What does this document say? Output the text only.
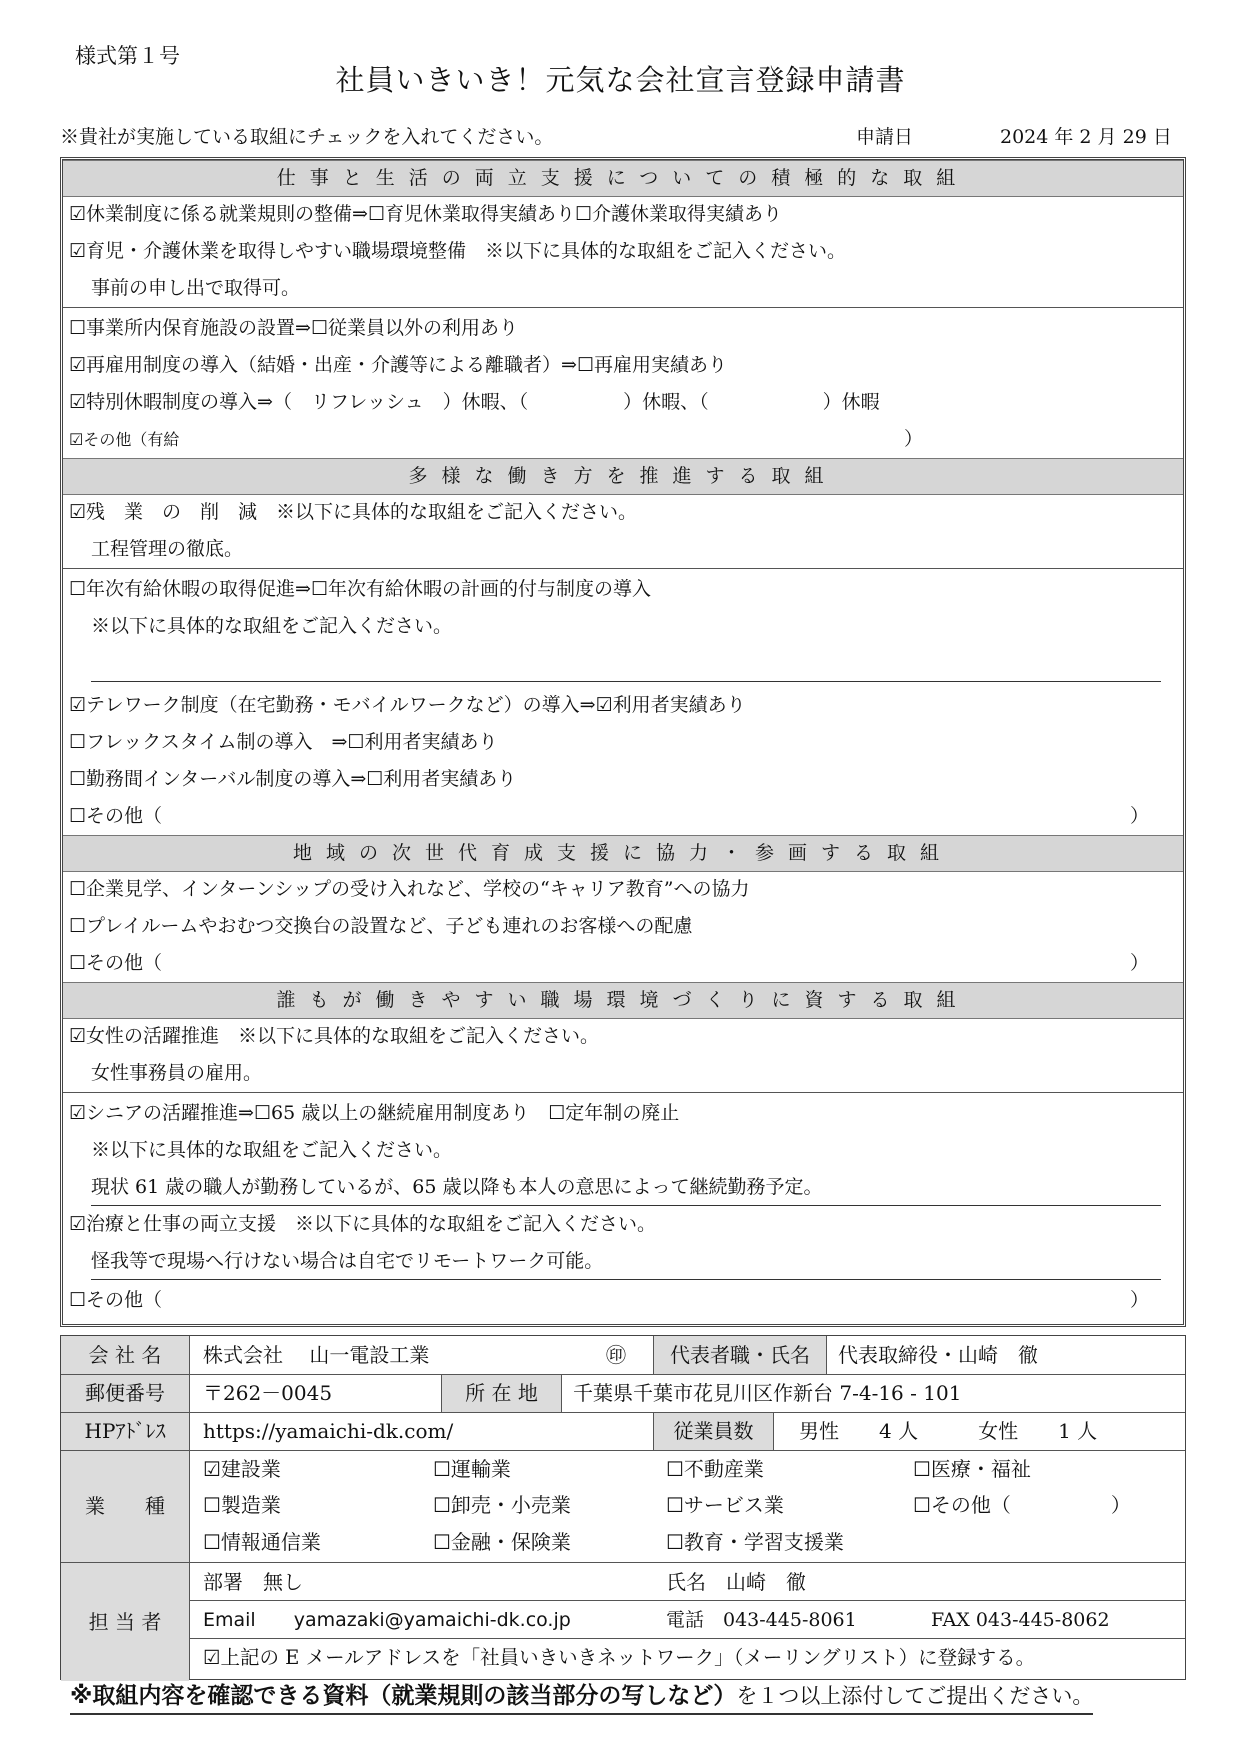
様式第１号
社員いきいき！元気な会社宣言登録申請書
※貴社が実施している取組にチェックを入れてください。	申請日	2024 年 2 月 29 日
仕事と生活の両立支援についての積極的な取組
☑休業制度に係る就業規則の整備⇒☐育児休業取得実績あり☐介護休業取得実績あり
☑育児・介護休業を取得しやすい職場環境整備　※以下に具体的な取組をご記入ください。
事前の申し出で取得可。
☐事業所内保育施設の設置⇒☐従業員以外の利用あり
☑再雇用制度の導入（結婚・出産・介護等による離職者）⇒☐再雇用実績あり
☑特別休暇制度の導入⇒（　リフレッシュ　）休暇、（　　　　　）休暇、（　　　　　　）休暇
☑その他（有給	）
多様な働き方を推進する取組
☑残　業　の　削　減　※以下に具体的な取組をご記入ください。
工程管理の徹底。
☐年次有給休暇の取得促進⇒☐年次有給休暇の計画的付与制度の導入
※以下に具体的な取組をご記入ください。
☑テレワーク制度（在宅勤務・モバイルワークなど）の導入⇒☑利用者実績あり
☐フレックスタイム制の導入　⇒☐利用者実績あり
☐勤務間インターバル制度の導入⇒☐利用者実績あり
☐その他（	）
地域の次世代育成支援に協力・参画する取組
☐企業見学、インターンシップの受け入れなど、学校の“キャリア教育”への協力
☐プレイルームやおむつ交換台の設置など、子ども連れのお客様への配慮
☐その他（	）
誰もが働きやすい職場環境づくりに資する取組
☑女性の活躍推進　※以下に具体的な取組をご記入ください。
女性事務員の雇用。
☑シニアの活躍推進⇒☐65 歳以上の継続雇用制度あり　☐定年制の廃止
※以下に具体的な取組をご記入ください。
現状 61 歳の職人が勤務しているが、65 歳以降も本人の意思によって継続勤務予定。
☑治療と仕事の両立支援　※以下に具体的な取組をご記入ください。
怪我等で現場へ行けない場合は自宅でリモートワーク可能。
☐その他（	）
会 社 名	株式会社　 山一電設工業	㊞	代表者職・氏名	代表取締役・山崎　徹
郵便番号	〒262－0045	所 在 地	千葉県千葉市花見川区作新台 7-4-16 - 101
HPｱﾄﾞﾚｽ	https://yamaichi-dk.com/	従業員数	男性　　4 人　　　女性　　1 人
業　　種
☑建設業	☐運輸業	☐不動産業	☐医療・福祉
☐製造業	☐卸売・小売業	☐サービス業	☐その他（　　　　　）
☐情報通信業	☐金融・保険業	☐教育・学習支援業
担 当 者
部署　無し	氏名　山崎　徹
Email　　yamazaki@yamaichi-dk.co.jp	電話　043-445-8061	FAX 043-445-8062
☑上記の E メールアドレスを「社員いきいきネットワーク」（メーリングリスト）に登録する。
※取組内容を確認できる資料（就業規則の該当部分の写しなど）を１つ以上添付してご提出ください。
